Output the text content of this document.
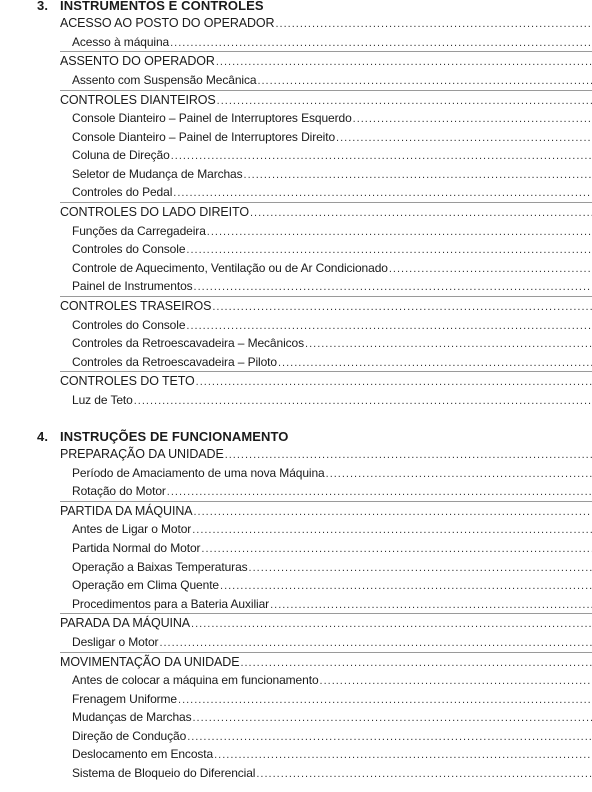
3. INSTRUMENTOS E CONTROLES
ACESSO AO POSTO DO OPERADOR
.....
Acesso à máquina
.....
ASSENTO DO OPERADOR
.....
Assento com Suspensão Mecânica
.....
CONTROLES DIANTEIROS
.....
Console Dianteiro – Painel de Interruptores Esquerdo
.....
Console Dianteiro – Painel de Interruptores Direito
.....
Coluna de Direção
.....
Seletor de Mudança de Marchas
.....
Controles do Pedal
.....
CONTROLES DO LADO DIREITO
.....
Funções da Carregadeira
.....
Controles do Console
.....
Controle de Aquecimento, Ventilação ou de Ar Condicionado
.....
Painel de Instrumentos
.....
CONTROLES TRASEIROS
.....
Controles do Console
.....
Controles da Retroescavadeira – Mecânicos
.....
Controles da Retroescavadeira – Piloto
.....
CONTROLES DO TETO
.....
Luz de Teto
.....
4. INSTRUÇÕES DE FUNCIONAMENTO
PREPARAÇÃO DA UNIDADE
.....
Período de Amaciamento de uma nova Máquina
.....
Rotação do Motor
.....
PARTIDA DA MÁQUINA
.....
Antes de Ligar o Motor
.....
Partida Normal do Motor
.....
Operação a Baixas Temperaturas
.....
Operação em Clima Quente
.....
Procedimentos para a Bateria Auxiliar
.....
PARADA DA MÁQUINA
.....
Desligar o Motor
.....
MOVIMENTAÇÃO DA UNIDADE
.....
Antes de colocar a máquina em funcionamento
.....
Frenagem Uniforme
.....
Mudanças de Marchas
.....
Direção de Condução
.....
Deslocamento em Encosta
.....
Sistema de Bloqueio do Diferencial
.....
